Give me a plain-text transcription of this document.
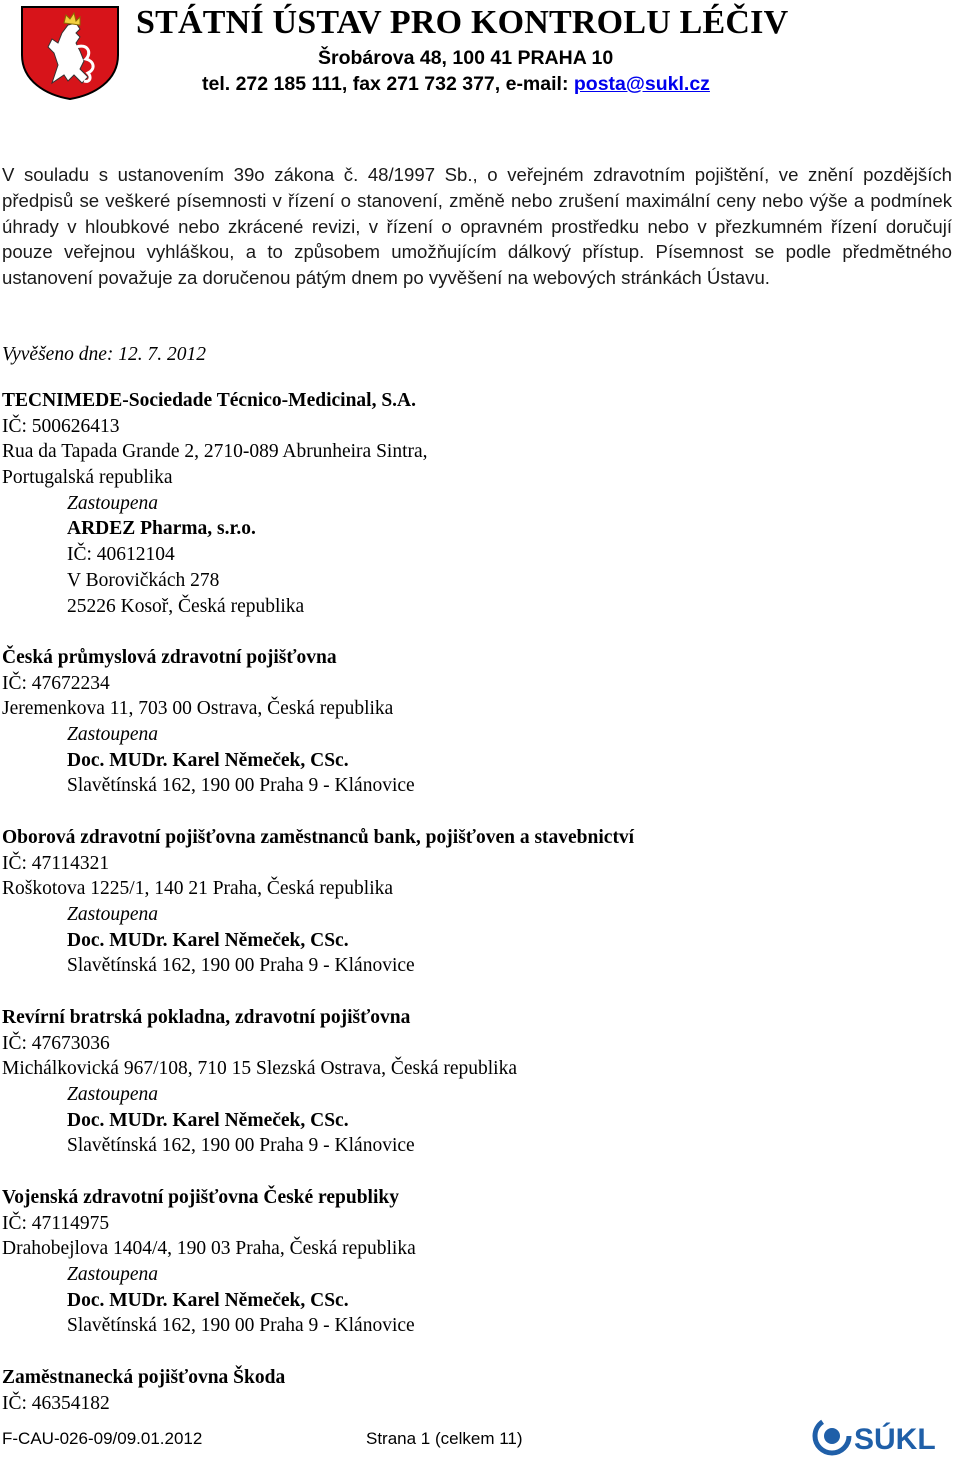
STÁTNÍ ÚSTAV PRO KONTROLU LÉČIV
Šrobárova 48, 100 41 PRAHA 10
tel. 272 185 111, fax 271 732 377, e-mail: posta@sukl.cz
V souladu s ustanovením 39o zákona č. 48/1997 Sb., o veřejném zdravotním pojištění, ve znění pozdějších předpisů se veškeré písemnosti v řízení o stanovení, změně nebo zrušení maximální ceny nebo výše a podmínek úhrady v hloubkové nebo zkrácené revizi, v řízení o opravném prostředku nebo v přezkumném řízení doručují pouze veřejnou vyhláškou, a to způsobem umožňujícím dálkový přístup. Písemnost se podle předmětného ustanovení považuje za doručenou pátým dnem po vyvěšení na webových stránkách Ústavu.
Vyvěšeno dne: 12. 7. 2012
TECNIMEDE-Sociedade Técnico-Medicinal, S.A.
IČ: 500626413
Rua da Tapada Grande 2, 2710-089 Abrunheira Sintra,
Portugalská republika
Zastoupena
ARDEZ Pharma, s.r.o.
IČ: 40612104
V Borovičkách 278
25226 Kosoř, Česká republika
Česká průmyslová zdravotní pojišťovna
IČ: 47672234
Jeremenkova 11, 703 00 Ostrava, Česká republika
Zastoupena
Doc. MUDr. Karel Němeček, CSc.
Slavětínská 162, 190 00 Praha 9 - Klánovice
Oborová zdravotní pojišťovna zaměstnanců bank, pojišťoven a stavebnictví
IČ: 47114321
Roškotova 1225/1, 140 21 Praha, Česká republika
Zastoupena
Doc. MUDr. Karel Němeček, CSc.
Slavětínská 162, 190 00 Praha 9 - Klánovice
Revírní bratrská pokladna, zdravotní pojišťovna
IČ: 47673036
Michálkovická 967/108, 710 15 Slezská Ostrava, Česká republika
Zastoupena
Doc. MUDr. Karel Němeček, CSc.
Slavětínská 162, 190 00 Praha 9 - Klánovice
Vojenská zdravotní pojišťovna České republiky
IČ: 47114975
Drahobejlova 1404/4, 190 03 Praha, Česká republika
Zastoupena
Doc. MUDr. Karel Němeček, CSc.
Slavětínská 162, 190 00 Praha 9 - Klánovice
Zaměstnanecká pojišťovna Škoda
IČ: 46354182
F-CAU-026-09/09.01.2012	Strana 1 (celkem 11)	SÚKL
